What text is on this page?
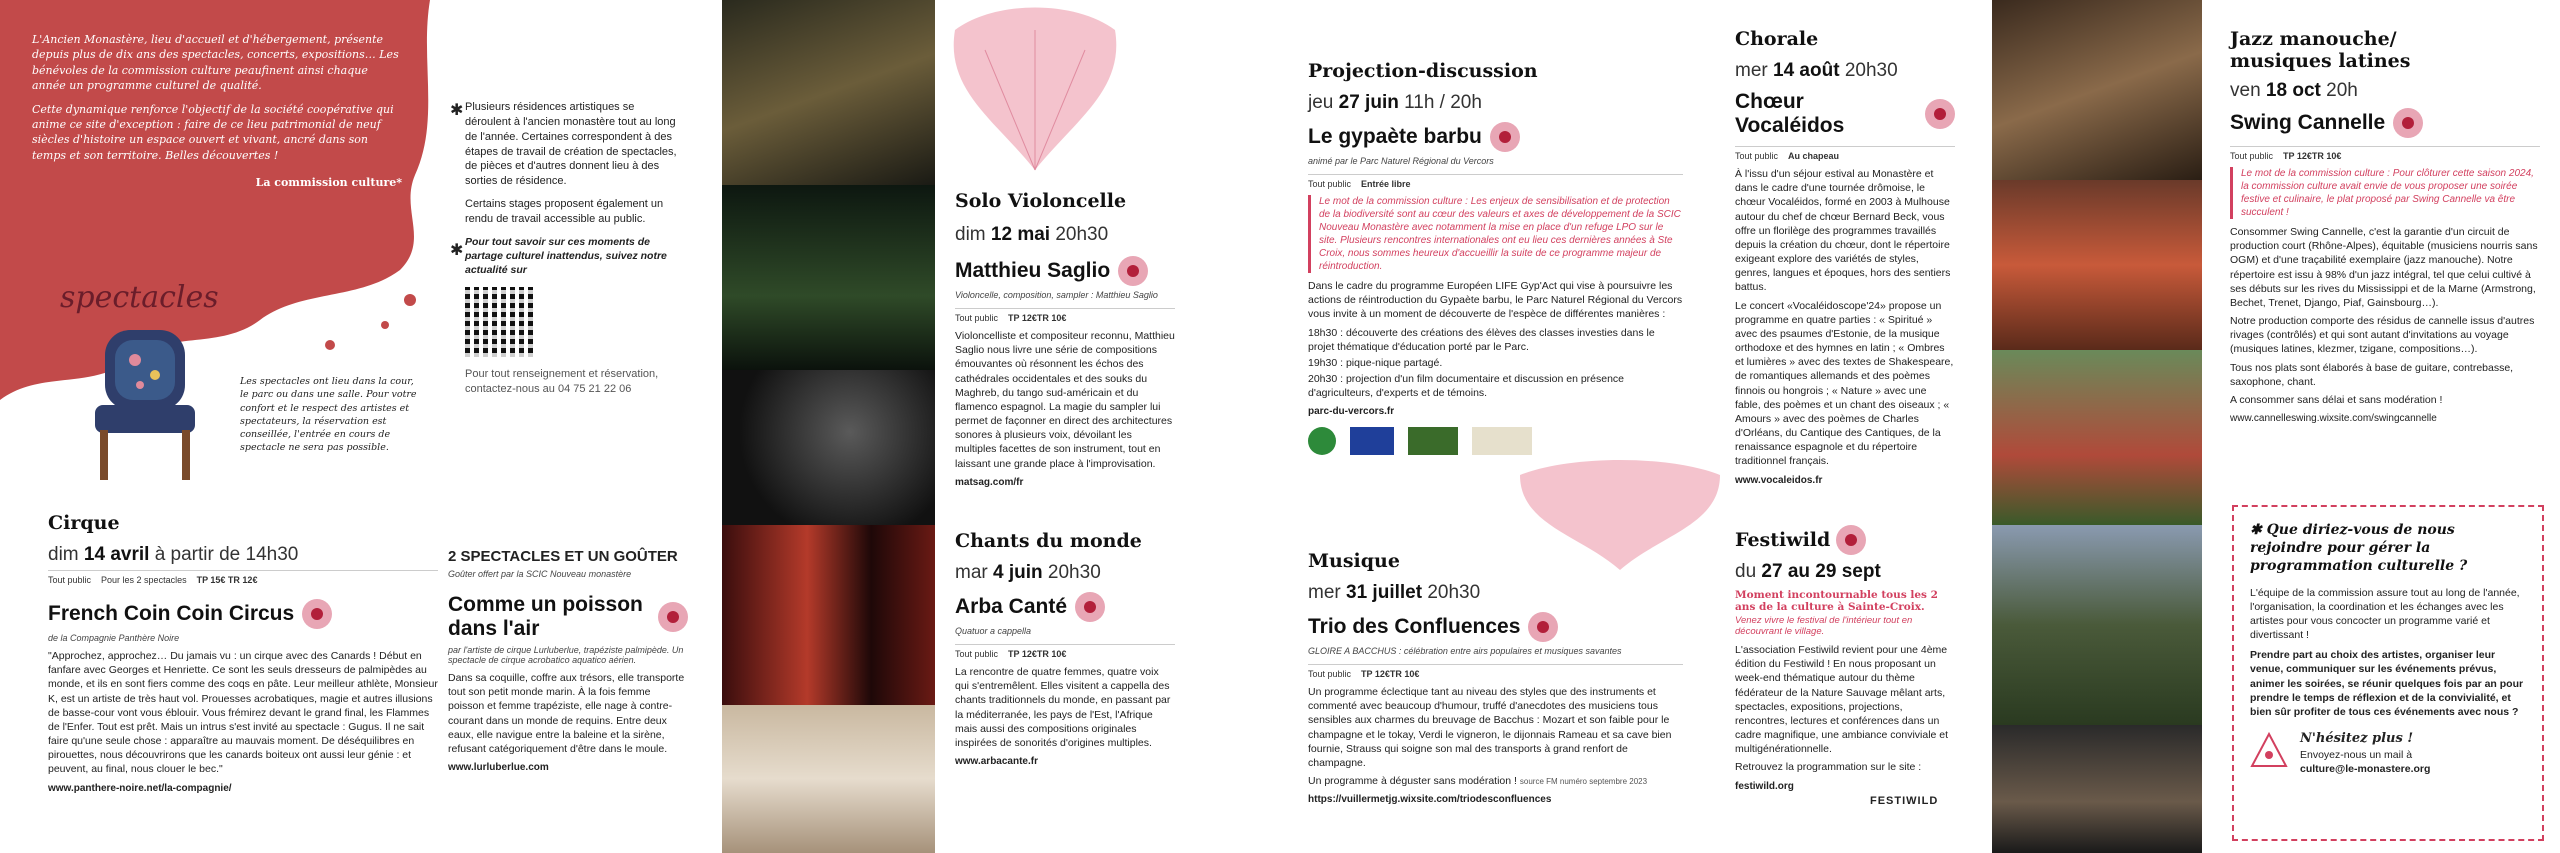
L'Ancien Monastère, lieu d'accueil et d'hébergement, présente depuis plus de dix ans des spectacles, concerts, expositions… Les bénévoles de la commission culture peaufinent ainsi chaque année un programme culturel de qualité.

Cette dynamique renforce l'objectif de la société coopérative qui anime ce site d'exception : faire de ce lieu patrimonial de neuf siècles d'histoire un espace ouvert et vivant, ancré dans son temps et son territoire. Belles découvertes !

La commission culture*

spectacles

Les spectacles ont lieu dans la cour, le parc ou dans une salle. Pour votre confort et le respect des artistes et spectateurs, la réservation est conseillée, l'entrée en cours de spectacle ne sera pas possible.

✱ Plusieurs résidences artistiques se déroulent à l'ancien monastère tout au long de l'année. Certaines correspondent à des étapes de travail de création de spectacles, de pièces et d'autres donnent lieu à des sorties de résidence.

✱

Certains stages proposent également un rendu de travail accessible au public.

Pour tout savoir sur ces moments de partage culturel inattendus, suivez notre actualité sur

Pour tout renseignement et réservation, contactez-nous au 04 75 21 22 06

Cirque
dim 14 avril à partir de 14h30
Tout public Pour les 2 spectacles TP 15€ TR 12€
French Coin Coin Circus
de la Compagnie Panthère Noire

"Approchez, approchez… Du jamais vu : un cirque avec des Canards ! Début en fanfare avec Georges et Henriette. Ce sont les seuls dresseurs de palmipèdes au monde, et ils en sont fiers comme des coqs en pâte. Leur meilleur athlète, Monsieur K, est un artiste de très haut vol. Prouesses acrobatiques, magie et autres illusions de basse-cour vont vous éblouir. Vous frémirez devant le grand final, les Flammes de l'Enfer. Tout est prêt. Mais un intrus s'est invité au spectacle : Gugus. Il ne sait faire qu'une seule chose : apparaître au mauvais moment. De déséquilibres en pirouettes, nous découvrirons que les canards boiteux ont aussi leur génie : et peuvent, au final, nous clouer le bec."

www.panthere-noire.net/la-compagnie/
2 SPECTACLES ET UN GOÛTER
Goûter offert par la SCIC Nouveau monastère
Comme un poisson dans l'air
par l'artiste de cirque Lurluberlue, trapéziste palmipède. Un spectacle de cirque acrobatico aquatico aérien.

Dans sa coquille, coffre aux trésors, elle transporte tout son petit monde marin. À la fois femme poisson et femme trapéziste, elle nage à contre-courant dans un monde de requins. Entre deux eaux, elle navigue entre la baleine et la sirène, refusant catégoriquement d'être dans le moule.

www.lurluberlue.com
Solo Violoncelle
dim 12 mai 20h30
Matthieu Saglio
Violoncelle, composition, sampler : Matthieu Saglio
Tout public TP 12€TR 10€

Violoncelliste et compositeur reconnu, Matthieu Saglio nous livre une série de compositions émouvantes où résonnent les échos des cathédrales occidentales et des souks du Maghreb, du tango sud-américain et du flamenco espagnol. La magie du sampler lui permet de façonner en direct des architectures sonores à plusieurs voix, dévoilant les multiples facettes de son instrument, tout en laissant une grande place à l'improvisation.

matsag.com/fr
Chants du monde
mar 4 juin 20h30
Arba Canté
Quatuor a cappella
Tout public TP 12€TR 10€

La rencontre de quatre femmes, quatre voix qui s'entremêlent. Elles visitent a cappella des chants traditionnels du monde, en passant par la méditerranée, les pays de l'Est, l'Afrique mais aussi des compositions originales inspirées de sonorités d'origines multiples.

www.arbacante.fr
Projection-discussion
jeu 27 juin 11h / 20h
Le gypaète barbu
animé par le Parc Naturel Régional du Vercors
Tout public Entrée libre

Le mot de la commission culture : Les enjeux de sensibilisation et de protection de la biodiversité sont au cœur des valeurs et axes de développement de la SCIC Nouveau Monastère avec notamment la mise en place d'un refuge LPO sur le site. Plusieurs rencontres internationales ont eu lieu ces dernières années à Ste Croix, nous sommes heureux d'accueillir la suite de ce programme majeur de réintroduction.

Dans le cadre du programme Européen LIFE Gyp'Act qui vise à poursuivre les actions de réintroduction du Gypaète barbu, le Parc Naturel Régional du Vercors vous invite à un moment de découverte de l'espèce de différentes manières :

18h30 : découverte des créations des élèves des classes investies dans le projet thématique d'éducation porté par le Parc.

19h30 : pique-nique partagé.

20h30 : projection d'un film documentaire et discussion en présence d'agriculteurs, d'experts et de témoins.

parc-du-vercors.fr
Musique
mer 31 juillet 20h30
Trio des Confluences
GLOIRE A BACCHUS : célébration entre airs populaires et musiques savantes
Tout public TP 12€TR 10€

Un programme éclectique tant au niveau des styles que des instruments et commenté avec beaucoup d'humour, truffé d'anecdotes des musiciens tous sensibles aux charmes du breuvage de Bacchus : Mozart et son faible pour le champagne et le tokay, Verdi le vigneron, le dijonnais Rameau et sa cave bien fournie, Strauss qui soigne son mal des transports à grand renfort de champagne.

Un programme à déguster sans modération ! source FM numéro septembre 2023

https://vuillermetjg.wixsite.com/triodesconfluences
Chorale
mer 14 août 20h30
Chœur Vocaléidos
Tout public Au chapeau

À l'issu d'un séjour estival au Monastère et dans le cadre d'une tournée drômoise, le chœur Vocaléidos, formé en 2003 à Mulhouse autour du chef de chœur Bernard Beck, vous offre un florilège des programmes travaillés depuis la création du chœur, dont le répertoire exigeant explore des variétés de styles, genres, langues et époques, hors des sentiers battus.

Le concert «Vocaléidoscope'24» propose un programme en quatre parties : « Spiritué » avec des psaumes d'Estonie, de la musique orthodoxe et des hymnes en latin ; « Ombres et lumières » avec des textes de Shakespeare, de romantiques allemands et des poèmes finnois ou hongrois ; « Nature » avec une fable, des poèmes et un chant des oiseaux ; « Amours » avec des poèmes de Charles d'Orléans, du Cantique des Cantiques, de la renaissance espagnole et du répertoire traditionnel français.

www.vocaleidos.fr
Festiwild
du 27 au 29 sept

Moment incontournable tous les 2 ans de la culture à Sainte-Croix.

Venez vivre le festival de l'intérieur tout en découvrant le village.

L'association Festiwild revient pour une 4ème édition du Festiwild ! En nous proposant un week-end thématique autour du thème fédérateur de la Nature Sauvage mêlant arts, spectacles, expositions, projections, rencontres, lectures et conférences dans un cadre magnifique, une ambiance conviviale et multigénérationnelle.

Retrouvez la programmation sur le site :

festiwild.org
FESTIWILD
Jazz manouche/ musiques latines
ven 18 oct 20h
Swing Cannelle
Tout public TP 12€TR 10€

Le mot de la commission culture : Pour clôturer cette saison 2024, la commission culture avait envie de vous proposer une soirée festive et culinaire, le plat proposé par Swing Cannelle va être succulent !

Consommer Swing Cannelle, c'est la garantie d'un circuit de production court (Rhône-Alpes), équitable (musiciens nourris sans OGM) et d'une traçabilité exemplaire (jazz manouche). Notre répertoire est issu à 98% d'un jazz intégral, tel que celui cultivé à ses débuts sur les rives du Mississippi et de la Marne (Armstrong, Bechet, Trenet, Django, Piaf, Gainsbourg…).

Notre production comporte des résidus de cannelle issus d'autres rivages (contrôlés) et qui sont autant d'invitations au voyage (musiques latines, klezmer, tzigane, compositions…).

Tous nos plats sont élaborés à base de guitare, contrebasse, saxophone, chant.

A consommer sans délai et sans modération !

www.cannelleswing.wixsite.com/swingcannelle
✱ Que diriez-vous de nous rejoindre pour gérer la programmation culturelle ?

L'équipe de la commission assure tout au long de l'année, l'organisation, la coordination et les échanges avec les artistes pour vous concocter un programme varié et divertissant !

Prendre part au choix des artistes, organiser leur venue, communiquer sur les événements prévus, animer les soirées, se réunir quelques fois par an pour prendre le temps de réflexion et de la convivialité, et bien sûr profiter de tous ces événements avec nous ?

N'hésitez plus !
Envoyez-nous un mail à
culture@le-monastere.org
